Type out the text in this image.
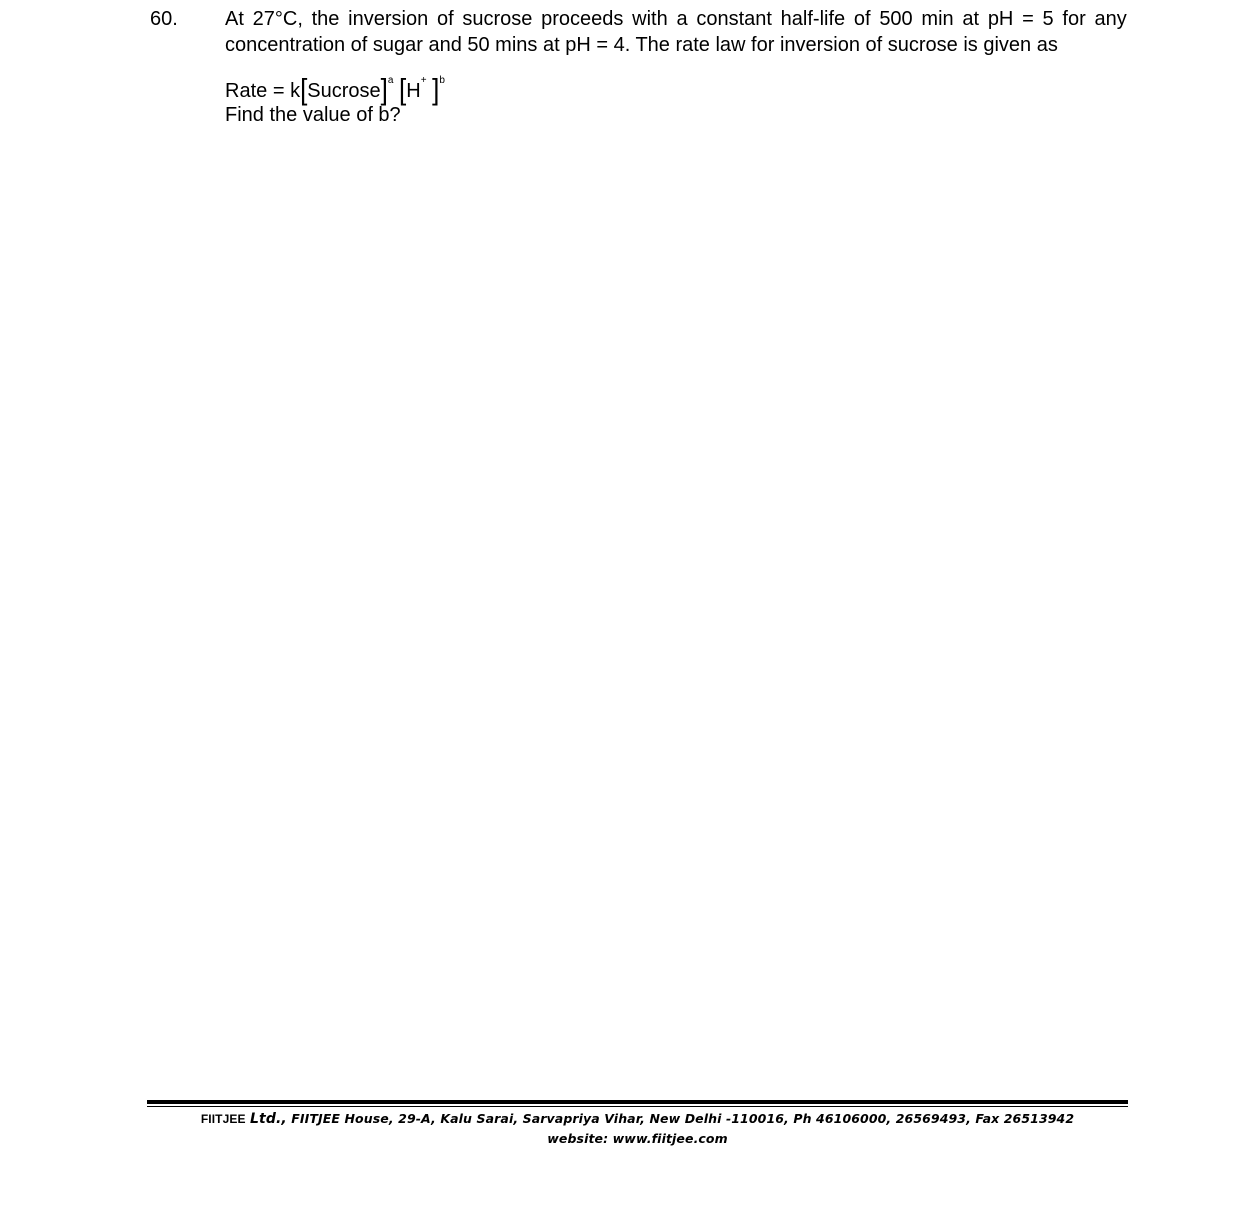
60. At 27°C, the inversion of sucrose proceeds with a constant half-life of 500 min at pH = 5 for any
concentration of sugar and 50 mins at pH = 4. The rate law for inversion of sucrose is given as
Rate = k[Sucrose]$^a$ [H+ ]$^b$
Find the value of b?
FIITJEE Ltd., FIITJEE House, 29-A, Kalu Sarai, Sarvapriya Vihar, New Delhi -110016, Ph 46106000, 26569493, Fax 26513942
website: www.fiitjee.com
